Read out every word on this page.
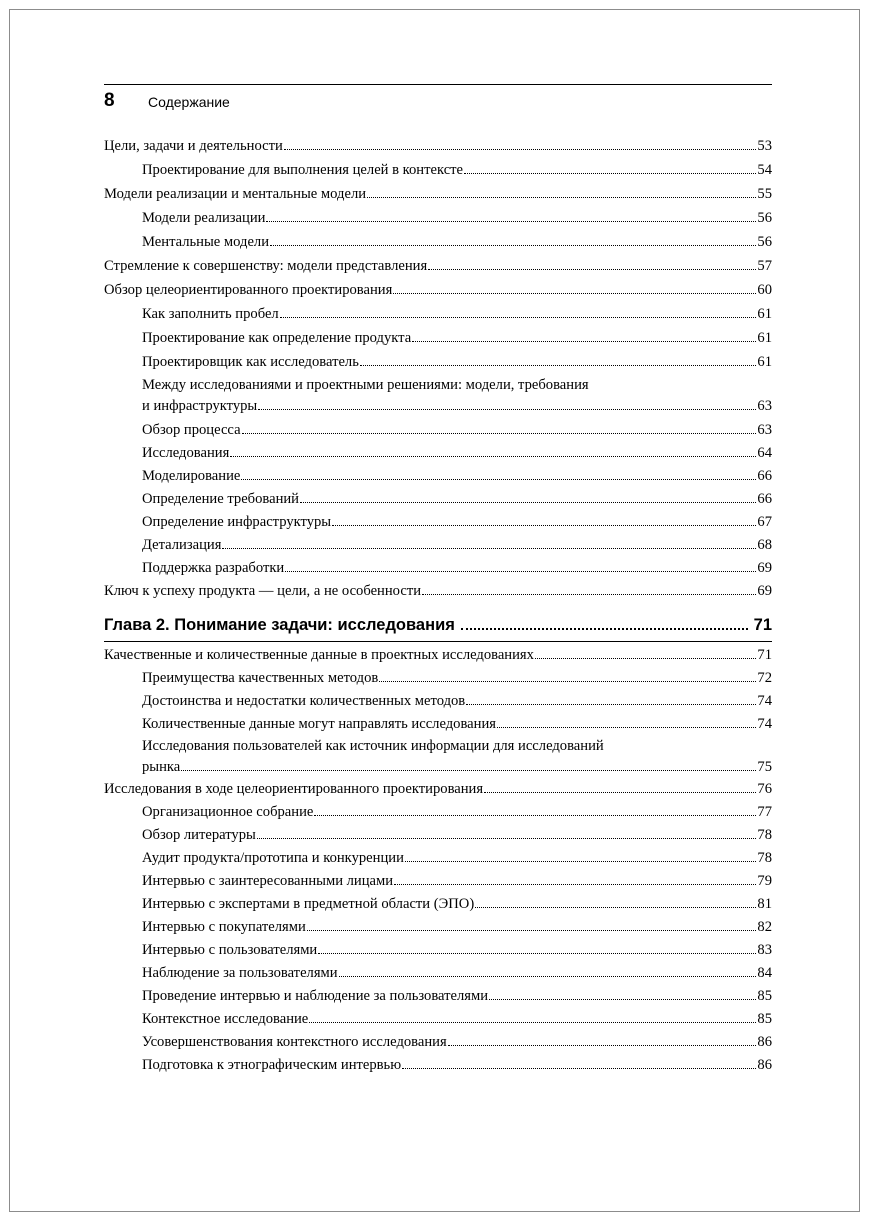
8 Содержание
Цели, задачи и деятельности	53
Проектирование для выполнения целей в контексте	54
Модели реализации и ментальные модели	55
Модели реализации	56
Ментальные модели	56
Стремление к совершенству: модели представления	57
Обзор целеориентированного проектирования	60
Как заполнить пробел	61
Проектирование как определение продукта	61
Проектировщик как исследователь	61
Между исследованиями и проектными решениями: модели, требования
и инфраструктуры	63
Обзор процесса	63
Исследования	64
Моделирование	66
Определение требований	66
Определение инфраструктуры	67
Детализация	68
Поддержка разработки	69
Ключ к успеху продукта — цели, а не особенности	69
Глава 2. Понимание задачи: исследования	71
Качественные и количественные данные в проектных исследованиях	71
Преимущества качественных методов	72
Достоинства и недостатки количественных методов	74
Количественные данные могут направлять исследования	74
Исследования пользователей как источник информации для исследований
рынка	75
Исследования в ходе целеориентированного проектирования	76
Организационное собрание	77
Обзор литературы	78
Аудит продукта/прототипа и конкуренции	78
Интервью с заинтересованными лицами	79
Интервью с экспертами в предметной области (ЭПО)	81
Интервью с покупателями	82
Интервью с пользователями	83
Наблюдение за пользователями	84
Проведение интервью и наблюдение за пользователями	85
Контекстное исследование	85
Усовершенствования контекстного исследования	86
Подготовка к этнографическим интервью	86
